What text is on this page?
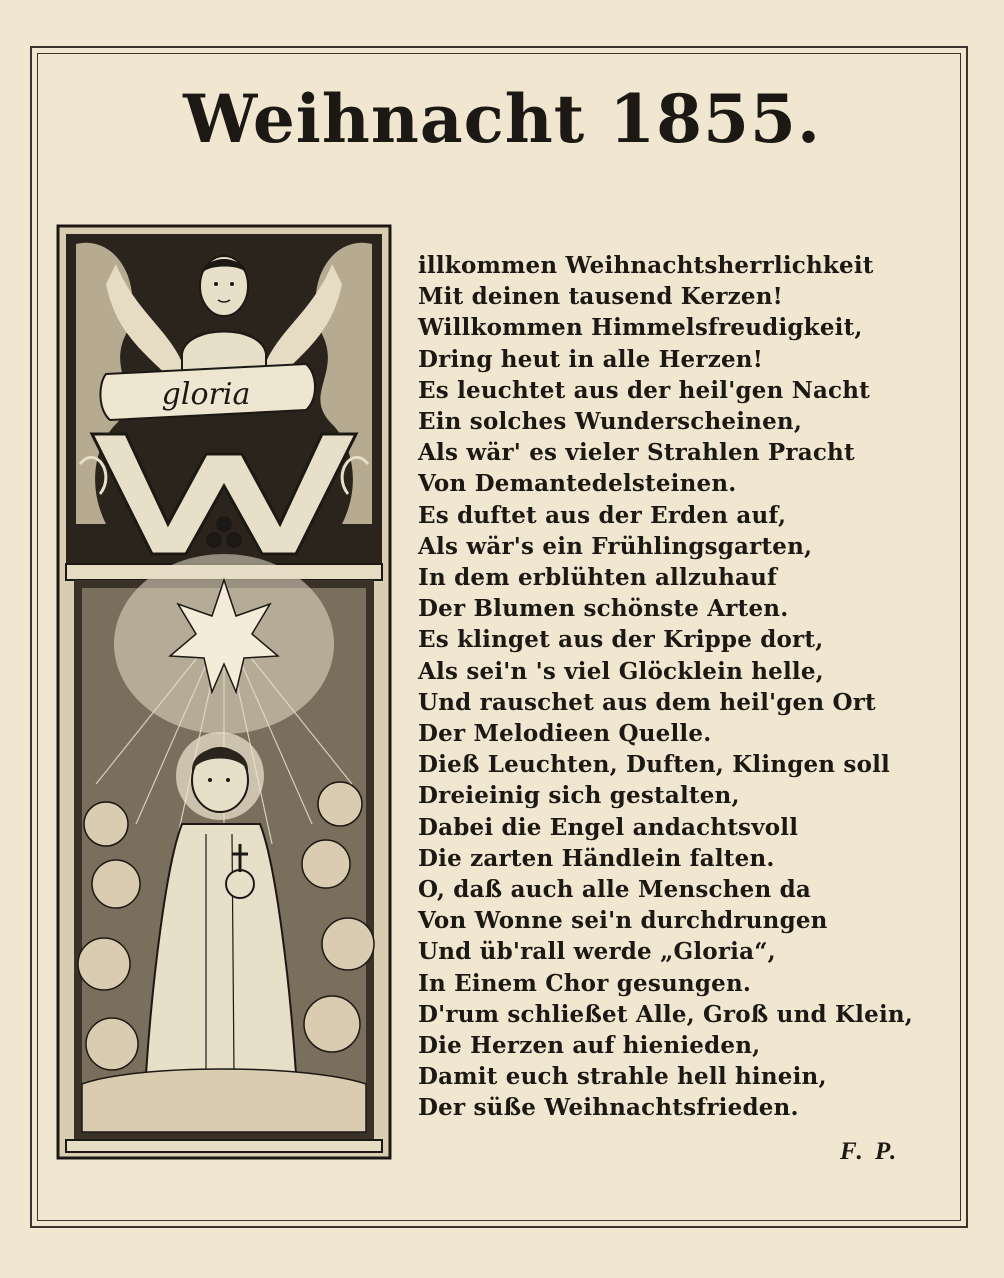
Weihnacht 1855.
gloria
illkommen Weihnachtsherrlichkeit
Mit deinen tausend Kerzen!
Willkommen Himmelsfreudigkeit,
Dring heut in alle Herzen!
Es leuchtet aus der heil'gen Nacht
Ein solches Wunderscheinen,
Als wär' es vieler Strahlen Pracht
Von Demantedelsteinen.
Es duftet aus der Erden auf,
Als wär's ein Frühlingsgarten,
In dem erblühten allzuhauf
Der Blumen schönste Arten.
Es klinget aus der Krippe dort,
Als sei'n 's viel Glöcklein helle,
Und rauschet aus dem heil'gen Ort
Der Melodieen Quelle.
Dieß Leuchten, Duften, Klingen soll
Dreieinig sich gestalten,
Dabei die Engel andachtsvoll
Die zarten Händlein falten.
O, daß auch alle Menschen da
Von Wonne sei'n durchdrungen
Und üb'rall werde „Gloria“,
In Einem Chor gesungen.
D'rum schließet Alle, Groß und Klein,
Die Herzen auf hienieden,
Damit euch strahle hell hinein,
Der süße Weihnachtsfrieden.
F. P.
